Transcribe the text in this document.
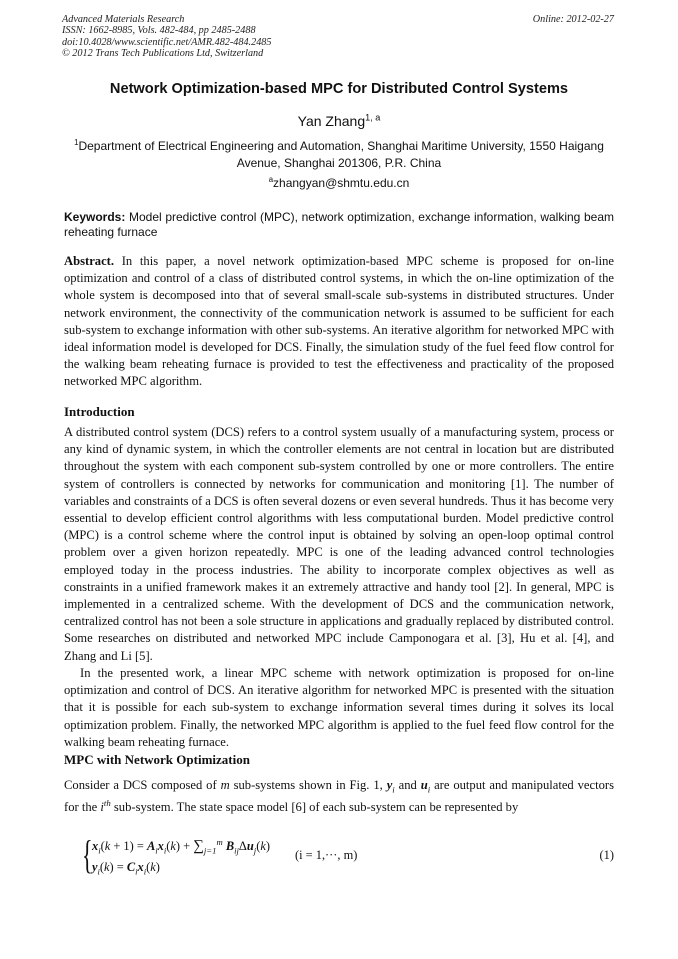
Advanced Materials Research
ISSN: 1662-8985, Vols. 482-484, pp 2485-2488
doi:10.4028/www.scientific.net/AMR.482-484.2485
© 2012 Trans Tech Publications Ltd, Switzerland
Online: 2012-02-27
Network Optimization-based MPC for Distributed Control Systems
Yan Zhang$^{1, a}$
$^1$Department of Electrical Engineering and Automation, Shanghai Maritime University, 1550 Haigang Avenue, Shanghai 201306, P.R. China
$^a$zhangyan@shmtu.edu.cn
Keywords: Model predictive control (MPC), network optimization, exchange information, walking beam reheating furnace
Abstract. In this paper, a novel network optimization-based MPC scheme is proposed for on-line optimization and control of a class of distributed control systems, in which the on-line optimization of the whole system is decomposed into that of several small-scale sub-systems in distributed structures. Under network environment, the connectivity of the communication network is assumed to be sufficient for each sub-system to exchange information with other sub-systems. An iterative algorithm for networked MPC with ideal information model is developed for DCS. Finally, the simulation study of the fuel feed flow control for the walking beam reheating furnace is provided to test the effectiveness and practicality of the proposed networked MPC algorithm.
Introduction
A distributed control system (DCS) refers to a control system usually of a manufacturing system, process or any kind of dynamic system, in which the controller elements are not central in location but are distributed throughout the system with each component sub-system controlled by one or more controllers. The entire system of controllers is connected by networks for communication and monitoring [1]. The number of variables and constraints of a DCS is often several dozens or even several hundreds. Thus it has become very essential to develop efficient control algorithms with less computational burden. Model predictive control (MPC) is a control scheme where the control input is obtained by solving an open-loop optimal control problem over a given horizon repeatedly. MPC is one of the leading advanced control technologies employed today in the process industries. The ability to incorporate complex objectives as well as constraints in a unified framework makes it an extremely attractive and handy tool [2]. In general, MPC is implemented in a centralized scheme. With the development of DCS and the communication network, centralized control has not been a sole structure in applications and gradually replaced by distributed control. Some researches on distributed and networked MPC include Camponogara et al. [3], Hu et al. [4], and Zhang and Li [5].
In the presented work, a linear MPC scheme with network optimization is proposed for on-line optimization and control of DCS. An iterative algorithm for networked MPC is presented with the situation that it is possible for each sub-system to exchange information several times during it solves its local optimization problem. Finally, the networked MPC algorithm is applied to the fuel feed flow control for the walking beam reheating furnace.
MPC with Network Optimization
Consider a DCS composed of m sub-systems shown in Fig. 1, $y_i$ and $u_i$ are output and manipulated vectors for the $i^{th}$ sub-system. The state space model [6] of each sub-system can be represented by
{ $x_i(k + 1) = A_ix_i(k) + \sum_{j=1}^m$ $B_{ij}\Delta u_j(k)$
$y_i(k) = C_ix_i(k)$
(i = 1,···, m)	(1)
